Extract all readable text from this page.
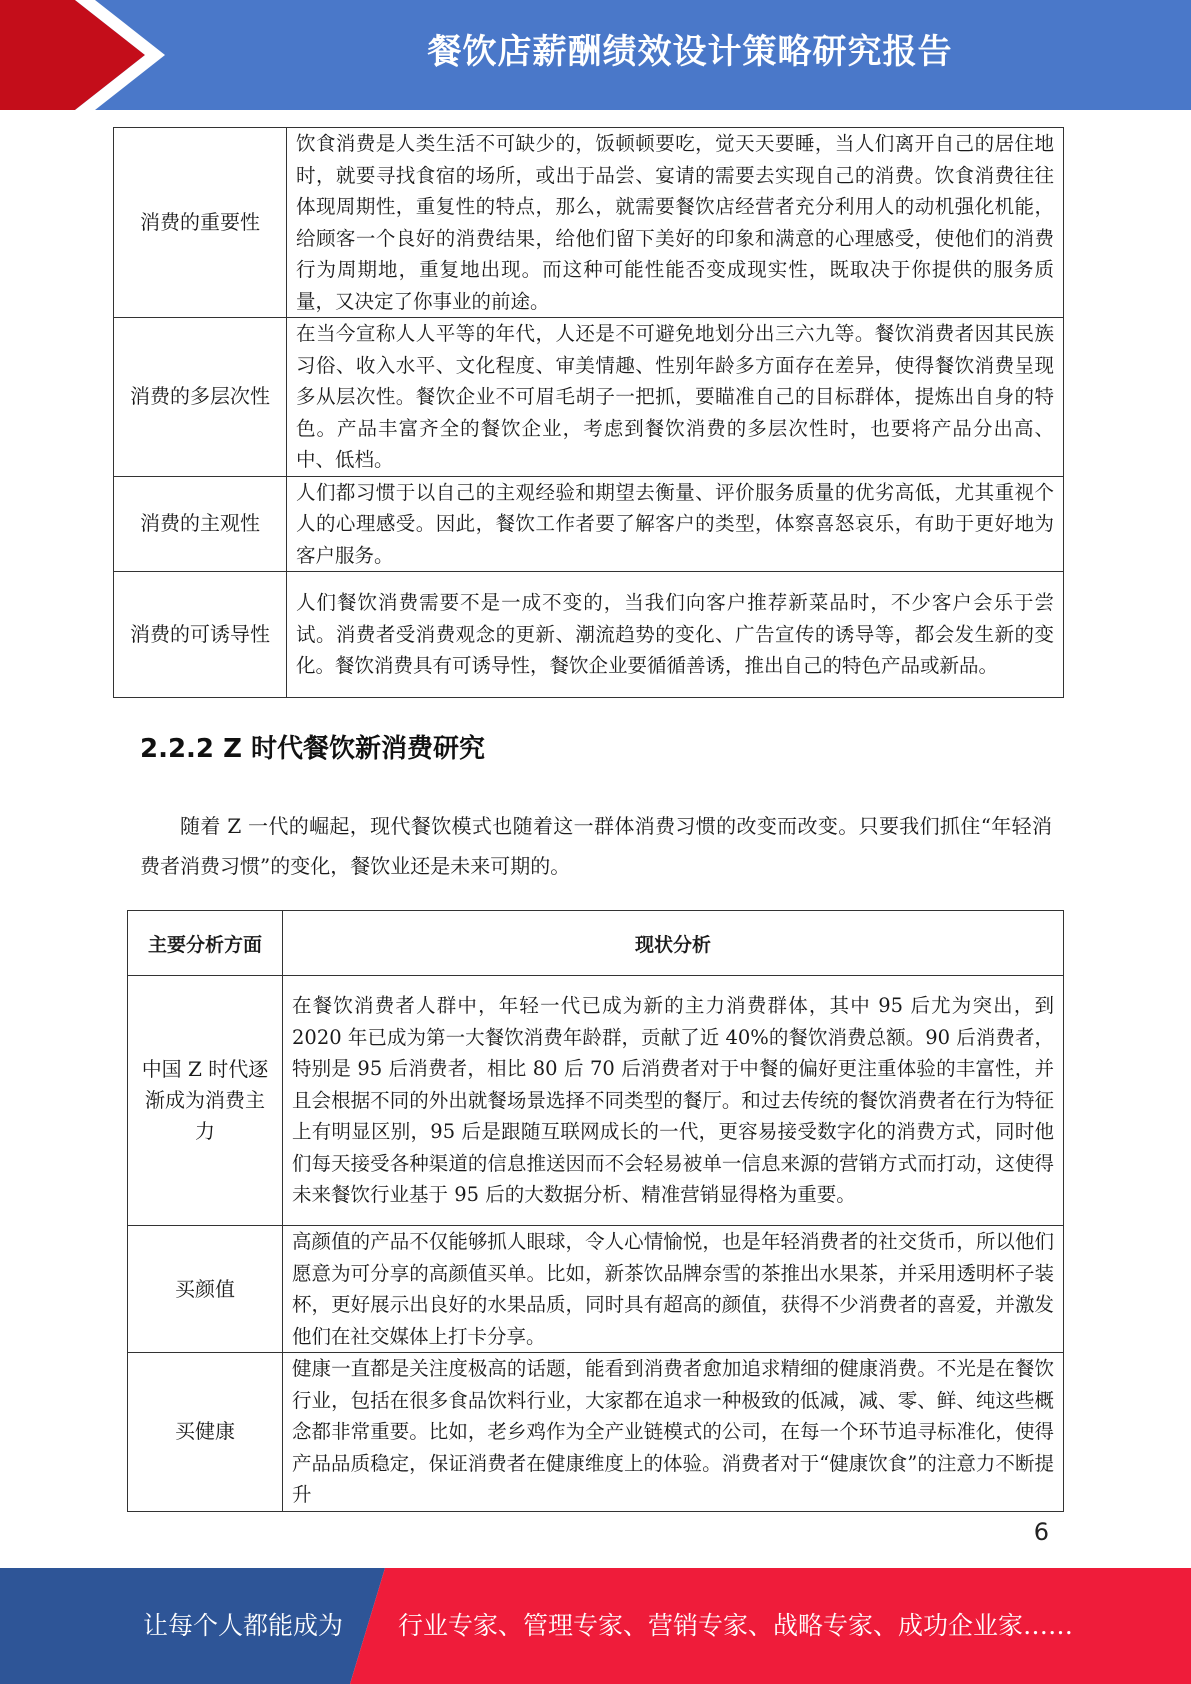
餐饮店薪酬绩效设计策略研究报告
消费的重要性	饮食消费是人类生活不可缺少的，饭顿顿要吃，觉天天要睡，当人们离开自己的居住地时，就要寻找食宿的场所，或出于品尝、宴请的需要去实现自己的消费。饮食消费往往体现周期性，重复性的特点，那么，就需要餐饮店经营者充分利用人的动机强化机能，给顾客一个良好的消费结果，给他们留下美好的印象和满意的心理感受，使他们的消费行为周期地，重复地出现。而这种可能性能否变成现实性，既取决于你提供的服务质量，又决定了你事业的前途。
消费的多层次性	在当今宣称人人平等的年代，人还是不可避免地划分出三六九等。餐饮消费者因其民族习俗、收入水平、文化程度、审美情趣、性别年龄多方面存在差异，使得餐饮消费呈现多从层次性。餐饮企业不可眉毛胡子一把抓，要瞄准自己的目标群体，提炼出自身的特色。产品丰富齐全的餐饮企业，考虑到餐饮消费的多层次性时，也要将产品分出高、中、低档。
消费的主观性	人们都习惯于以自己的主观经验和期望去衡量、评价服务质量的优劣高低，尤其重视个人的心理感受。因此，餐饮工作者要了解客户的类型，体察喜怒哀乐，有助于更好地为客户服务。
消费的可诱导性	人们餐饮消费需要不是一成不变的，当我们向客户推荐新菜品时，不少客户会乐于尝试。消费者受消费观念的更新、潮流趋势的变化、广告宣传的诱导等，都会发生新的变化。餐饮消费具有可诱导性，餐饮企业要循循善诱，推出自己的特色产品或新品。
2.2.2 Z 时代餐饮新消费研究
随着 Z 一代的崛起，现代餐饮模式也随着这一群体消费习惯的改变而改变。只要我们抓住“年轻消费者消费习惯”的变化，餐饮业还是未来可期的。
主要分析方面	现状分析
中国 Z 时代逐渐成为消费主力	在餐饮消费者人群中，年轻一代已成为新的主力消费群体，其中 95 后尤为突出，到 2020 年已成为第一大餐饮消费年龄群，贡献了近 40%的餐饮消费总额。90 后消费者，特别是 95 后消费者，相比 80 后 70 后消费者对于中餐的偏好更注重体验的丰富性，并且会根据不同的外出就餐场景选择不同类型的餐厅。和过去传统的餐饮消费者在行为特征上有明显区别，95 后是跟随互联网成长的一代，更容易接受数字化的消费方式，同时他们每天接受各种渠道的信息推送因而不会轻易被单一信息来源的营销方式而打动，这使得未来餐饮行业基于 95 后的大数据分析、精准营销显得格为重要。
买颜值	高颜值的产品不仅能够抓人眼球，令人心情愉悦，也是年轻消费者的社交货币，所以他们愿意为可分享的高颜值买单。比如，新茶饮品牌奈雪的茶推出水果茶，并采用透明杯子装杯，更好展示出良好的水果品质，同时具有超高的颜值，获得不少消费者的喜爱，并激发他们在社交媒体上打卡分享。
买健康	健康一直都是关注度极高的话题，能看到消费者愈加追求精细的健康消费。不光是在餐饮行业，包括在很多食品饮料行业，大家都在追求一种极致的低减，减、零、鲜、纯这些概念都非常重要。比如，老乡鸡作为全产业链模式的公司，在每一个环节追寻标准化，使得产品品质稳定，保证消费者在健康维度上的体验。消费者对于“健康饮食”的注意力不断提升
6
让每个人都能成为 行业专家、管理专家、营销专家、战略专家、成功企业家……
